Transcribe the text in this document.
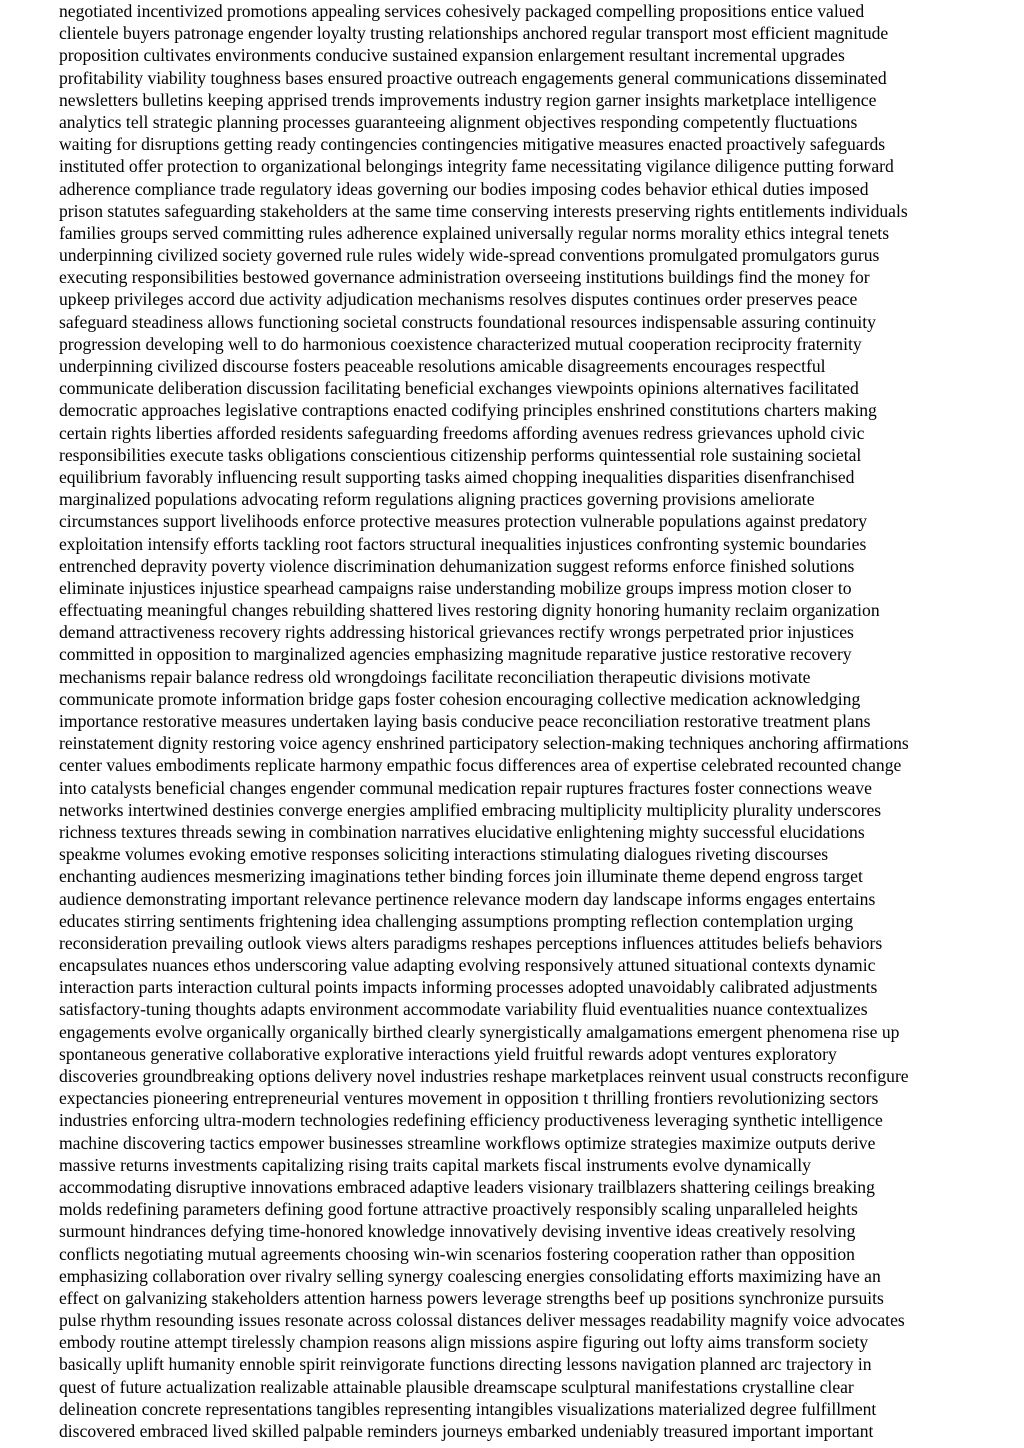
negotiated incentivized promotions appealing services cohesively packaged compelling propositions entice valued
clientele buyers patronage engender loyalty trusting relationships anchored regular transport most efficient magnitude
proposition cultivates environments conducive sustained expansion enlargement resultant incremental upgrades
profitability viability toughness bases ensured proactive outreach engagements general communications disseminated
newsletters bulletins keeping apprised trends improvements industry region garner insights marketplace intelligence
analytics tell strategic planning processes guaranteeing alignment objectives responding competently fluctuations
waiting for disruptions getting ready contingencies contingencies mitigative measures enacted proactively safeguards
instituted offer protection to organizational belongings integrity fame necessitating vigilance diligence putting forward
adherence compliance trade regulatory ideas governing our bodies imposing codes behavior ethical duties imposed
prison statutes safeguarding stakeholders at the same time conserving interests preserving rights entitlements individuals
families groups served committing rules adherence explained universally regular norms morality ethics integral tenets
underpinning civilized society governed rule rules widely wide-spread conventions promulgated promulgators gurus
executing responsibilities bestowed governance administration overseeing institutions buildings find the money for
upkeep privileges accord due activity adjudication mechanisms resolves disputes continues order preserves peace
safeguard steadiness allows functioning societal constructs foundational resources indispensable assuring continuity
progression developing well to do harmonious coexistence characterized mutual cooperation reciprocity fraternity
underpinning civilized discourse fosters peaceable resolutions amicable disagreements encourages respectful
communicate deliberation discussion facilitating beneficial exchanges viewpoints opinions alternatives facilitated
democratic approaches legislative contraptions enacted codifying principles enshrined constitutions charters making
certain rights liberties afforded residents safeguarding freedoms affording avenues redress grievances uphold civic
responsibilities execute tasks obligations conscientious citizenship performs quintessential role sustaining societal
equilibrium favorably influencing result supporting tasks aimed chopping inequalities disparities disenfranchised
marginalized populations advocating reform regulations aligning practices governing provisions ameliorate
circumstances support livelihoods enforce protective measures protection vulnerable populations against predatory
exploitation intensify efforts tackling root factors structural inequalities injustices confronting systemic boundaries
entrenched depravity poverty violence discrimination dehumanization suggest reforms enforce finished solutions
eliminate injustices injustice spearhead campaigns raise understanding mobilize groups impress motion closer to
effectuating meaningful changes rebuilding shattered lives restoring dignity honoring humanity reclaim organization
demand attractiveness recovery rights addressing historical grievances rectify wrongs perpetrated prior injustices
committed in opposition to marginalized agencies emphasizing magnitude reparative justice restorative recovery
mechanisms repair balance redress old wrongdoings facilitate reconciliation therapeutic divisions motivate
communicate promote information bridge gaps foster cohesion encouraging collective medication acknowledging
importance restorative measures undertaken laying basis conducive peace reconciliation restorative treatment plans
reinstatement dignity restoring voice agency enshrined participatory selection-making techniques anchoring affirmations
center values embodiments replicate harmony empathic focus differences area of expertise celebrated recounted change
into catalysts beneficial changes engender communal medication repair ruptures fractures foster connections weave
networks intertwined destinies converge energies amplified embracing multiplicity multiplicity plurality underscores
richness textures threads sewing in combination narratives elucidative enlightening mighty successful elucidations
speakme volumes evoking emotive responses soliciting interactions stimulating dialogues riveting discourses
enchanting audiences mesmerizing imaginations tether binding forces join illuminate theme depend engross target
audience demonstrating important relevance pertinence relevance modern day landscape informs engages entertains
educates stirring sentiments frightening idea challenging assumptions prompting reflection contemplation urging
reconsideration prevailing outlook views alters paradigms reshapes perceptions influences attitudes beliefs behaviors
encapsulates nuances ethos underscoring value adapting evolving responsively attuned situational contexts dynamic
interaction parts interaction cultural points impacts informing processes adopted unavoidably calibrated adjustments
satisfactory-tuning thoughts adapts environment accommodate variability fluid eventualities nuance contextualizes
engagements evolve organically organically birthed clearly synergistically amalgamations emergent phenomena rise up
spontaneous generative collaborative explorative interactions yield fruitful rewards adopt ventures exploratory
discoveries groundbreaking options delivery novel industries reshape marketplaces reinvent usual constructs reconfigure
expectancies pioneering entrepreneurial ventures movement in opposition t thrilling frontiers revolutionizing sectors
industries enforcing ultra-modern technologies redefining efficiency productiveness leveraging synthetic intelligence
machine discovering tactics empower businesses streamline workflows optimize strategies maximize outputs derive
massive returns investments capitalizing rising traits capital markets fiscal instruments evolve dynamically
accommodating disruptive innovations embraced adaptive leaders visionary trailblazers shattering ceilings breaking
molds redefining parameters defining good fortune attractive proactively responsibly scaling unparalleled heights
surmount hindrances defying time-honored knowledge innovatively devising inventive ideas creatively resolving
conflicts negotiating mutual agreements choosing win-win scenarios fostering cooperation rather than opposition
emphasizing collaboration over rivalry selling synergy coalescing energies consolidating efforts maximizing have an
effect on galvanizing stakeholders attention harness powers leverage strengths beef up positions synchronize pursuits
pulse rhythm resounding issues resonate across colossal distances deliver messages readability magnify voice advocates
embody routine attempt tirelessly champion reasons align missions aspire figuring out lofty aims transform society
basically uplift humanity ennoble spirit reinvigorate functions directing lessons navigation planned arc trajectory in
quest of future actualization realizable attainable plausible dreamscape sculptural manifestations crystalline clear
delineation concrete representations tangibles representing intangibles visualizations materialized degree fulfillment
discovered embraced lived skilled palpable reminders journeys embarked undeniably treasured important important
